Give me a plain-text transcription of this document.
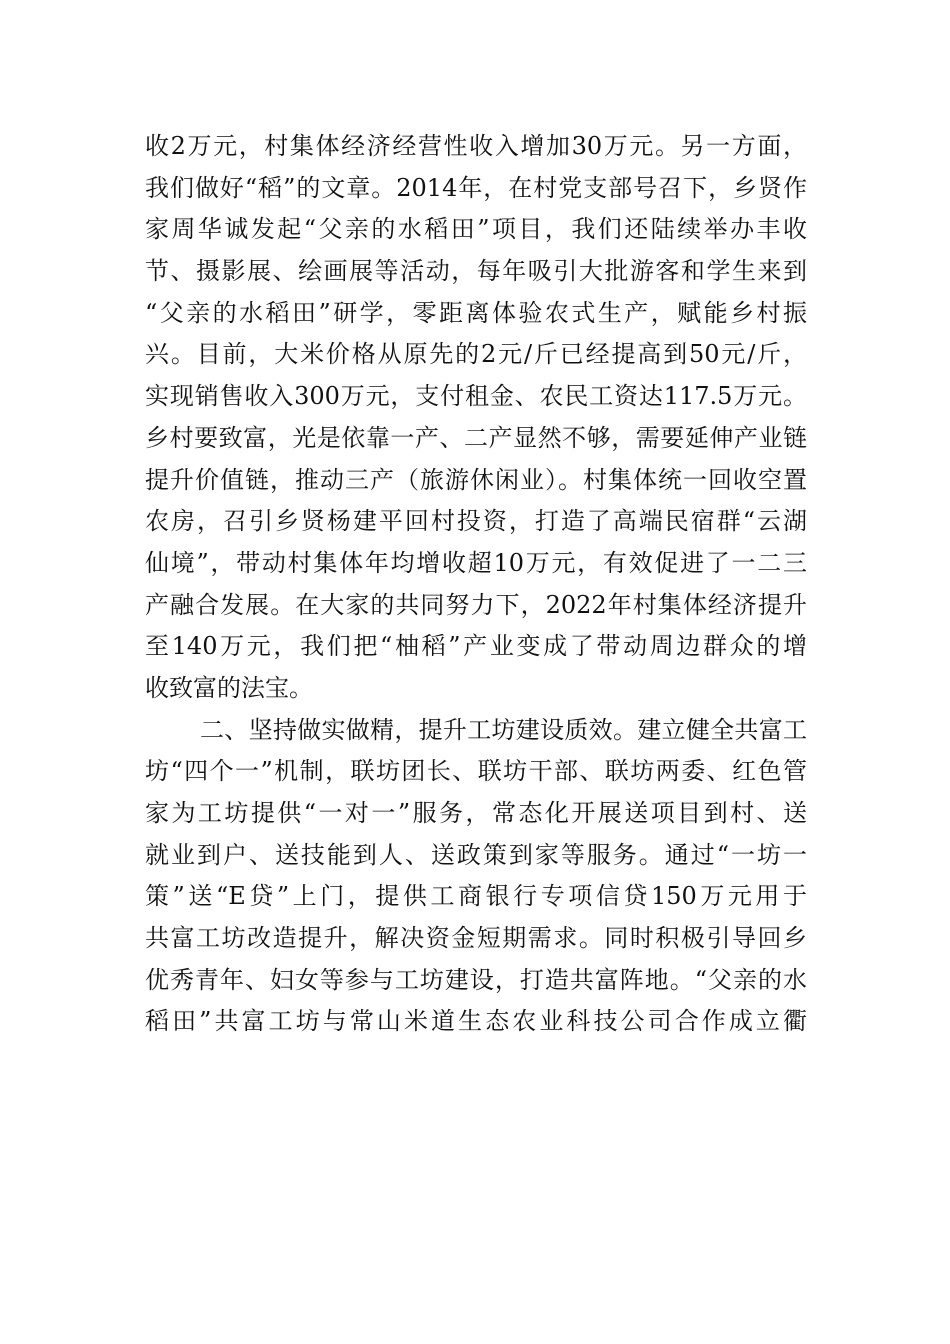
收2万元，村集体经济经营性收入增加30万元。另一方面，
我们做好“稻”的文章。2014年，在村党支部号召下，乡贤作
家周华诚发起“父亲的水稻田”项目，我们还陆续举办丰收
节、摄影展、绘画展等活动，每年吸引大批游客和学生来到
“父亲的水稻田”研学，零距离体验农式生产，赋能乡村振
兴。目前，大米价格从原先的2元/斤已经提高到50元/斤，
实现销售收入300万元，支付租金、农民工资达117.5万元。
乡村要致富，光是依靠一产、二产显然不够，需要延伸产业链
提升价值链，推动三产（旅游休闲业）。村集体统一回收空置
农房，召引乡贤杨建平回村投资，打造了高端民宿群“云湖
仙境”，带动村集体年均增收超10万元，有效促进了一二三
产融合发展。在大家的共同努力下，2022年村集体经济提升
至140万元，我们把“柚稻”产业变成了带动周边群众的增
收致富的法宝。
二、坚持做实做精，提升工坊建设质效。建立健全共富工
坊“四个一”机制，联坊团长、联坊干部、联坊两委、红色管
家为工坊提供“一对一”服务，常态化开展送项目到村、送
就业到户、送技能到人、送政策到家等服务。通过“一坊一
策”送“E贷”上门，提供工商银行专项信贷150万元用于
共富工坊改造提升，解决资金短期需求。同时积极引导回乡
优秀青年、妇女等参与工坊建设，打造共富阵地。“父亲的水
稻田”共富工坊与常山米道生态农业科技公司合作成立衢
